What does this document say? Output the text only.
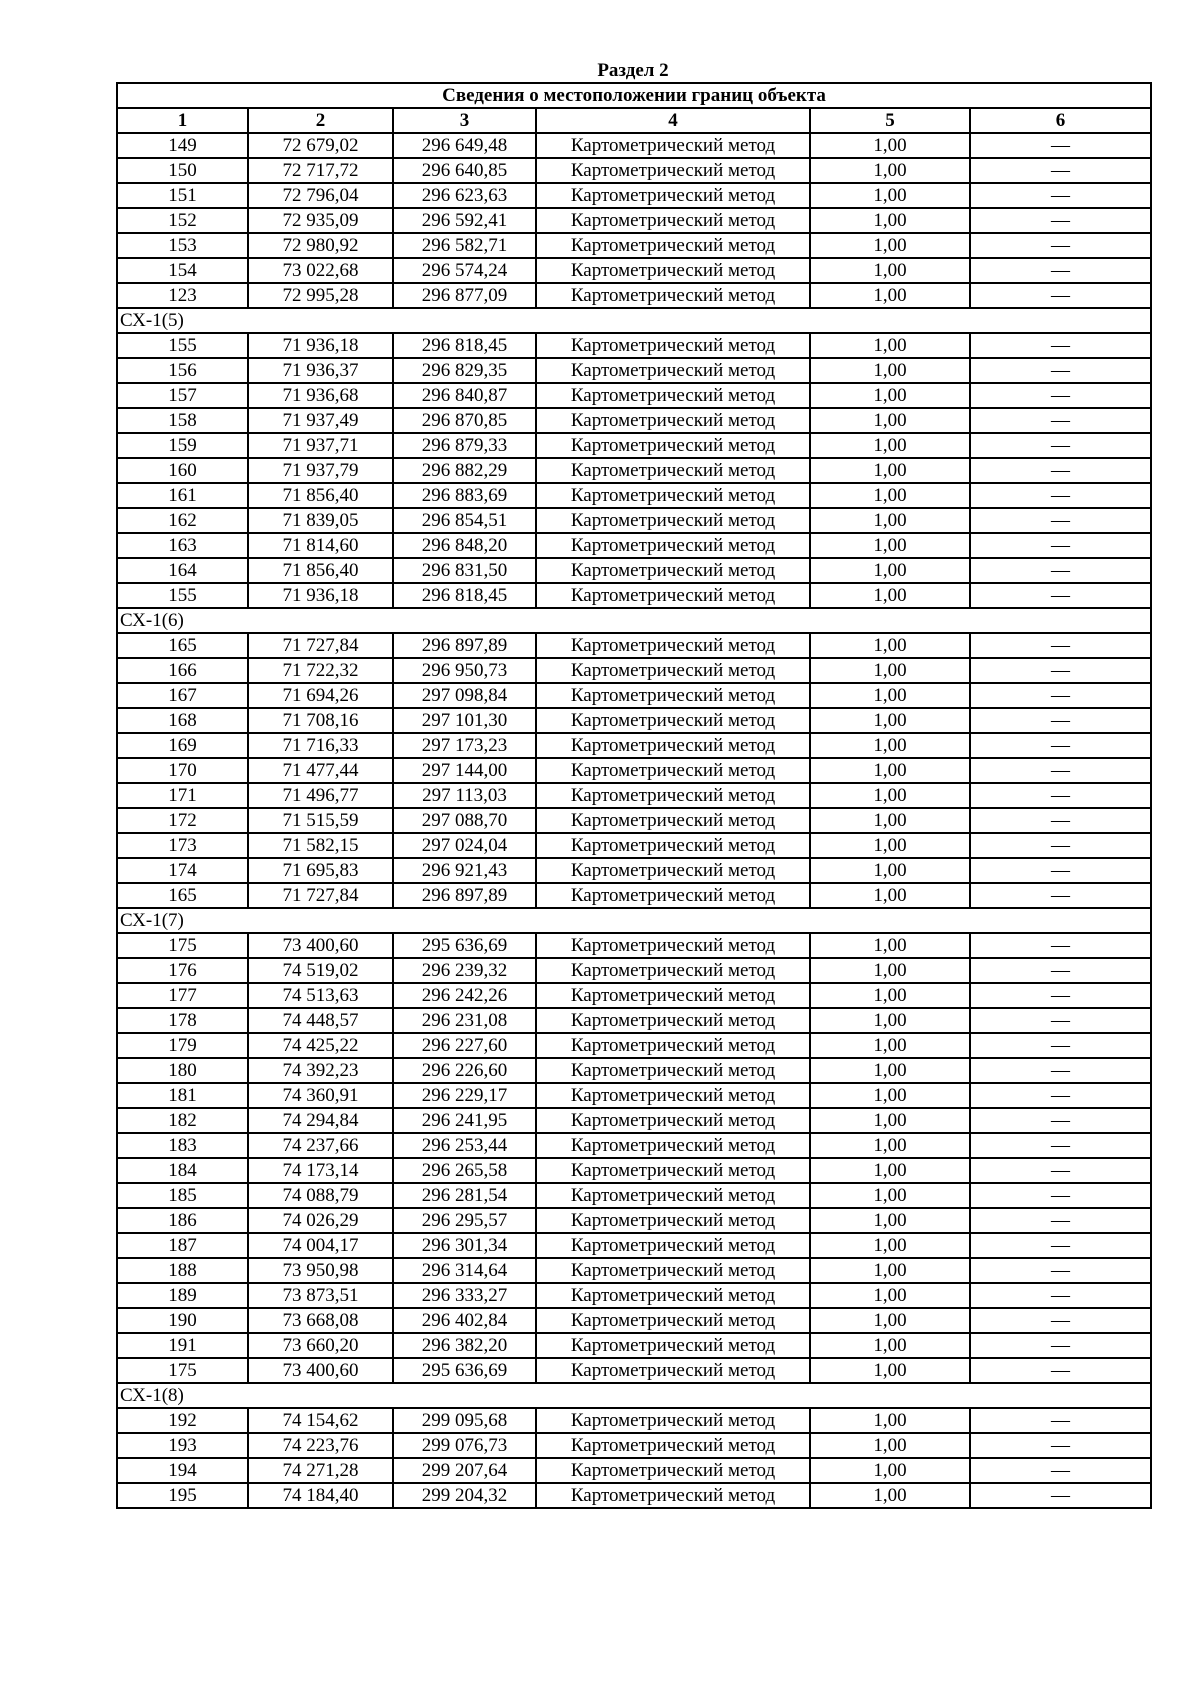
Раздел 2
Сведения о местоположении границ объекта					
1	2	3	4	5	6
149	72 679,02	296 649,48	Картометрический метод	1,00	—
150	72 717,72	296 640,85	Картометрический метод	1,00	—
151	72 796,04	296 623,63	Картометрический метод	1,00	—
152	72 935,09	296 592,41	Картометрический метод	1,00	—
153	72 980,92	296 582,71	Картометрический метод	1,00	—
154	73 022,68	296 574,24	Картометрический метод	1,00	—
123	72 995,28	296 877,09	Картометрический метод	1,00	—
СХ-1(5)					
155	71 936,18	296 818,45	Картометрический метод	1,00	—
156	71 936,37	296 829,35	Картометрический метод	1,00	—
157	71 936,68	296 840,87	Картометрический метод	1,00	—
158	71 937,49	296 870,85	Картометрический метод	1,00	—
159	71 937,71	296 879,33	Картометрический метод	1,00	—
160	71 937,79	296 882,29	Картометрический метод	1,00	—
161	71 856,40	296 883,69	Картометрический метод	1,00	—
162	71 839,05	296 854,51	Картометрический метод	1,00	—
163	71 814,60	296 848,20	Картометрический метод	1,00	—
164	71 856,40	296 831,50	Картометрический метод	1,00	—
155	71 936,18	296 818,45	Картометрический метод	1,00	—
СХ-1(6)					
165	71 727,84	296 897,89	Картометрический метод	1,00	—
166	71 722,32	296 950,73	Картометрический метод	1,00	—
167	71 694,26	297 098,84	Картометрический метод	1,00	—
168	71 708,16	297 101,30	Картометрический метод	1,00	—
169	71 716,33	297 173,23	Картометрический метод	1,00	—
170	71 477,44	297 144,00	Картометрический метод	1,00	—
171	71 496,77	297 113,03	Картометрический метод	1,00	—
172	71 515,59	297 088,70	Картометрический метод	1,00	—
173	71 582,15	297 024,04	Картометрический метод	1,00	—
174	71 695,83	296 921,43	Картометрический метод	1,00	—
165	71 727,84	296 897,89	Картометрический метод	1,00	—
СХ-1(7)					
175	73 400,60	295 636,69	Картометрический метод	1,00	—
176	74 519,02	296 239,32	Картометрический метод	1,00	—
177	74 513,63	296 242,26	Картометрический метод	1,00	—
178	74 448,57	296 231,08	Картометрический метод	1,00	—
179	74 425,22	296 227,60	Картометрический метод	1,00	—
180	74 392,23	296 226,60	Картометрический метод	1,00	—
181	74 360,91	296 229,17	Картометрический метод	1,00	—
182	74 294,84	296 241,95	Картометрический метод	1,00	—
183	74 237,66	296 253,44	Картометрический метод	1,00	—
184	74 173,14	296 265,58	Картометрический метод	1,00	—
185	74 088,79	296 281,54	Картометрический метод	1,00	—
186	74 026,29	296 295,57	Картометрический метод	1,00	—
187	74 004,17	296 301,34	Картометрический метод	1,00	—
188	73 950,98	296 314,64	Картометрический метод	1,00	—
189	73 873,51	296 333,27	Картометрический метод	1,00	—
190	73 668,08	296 402,84	Картометрический метод	1,00	—
191	73 660,20	296 382,20	Картометрический метод	1,00	—
175	73 400,60	295 636,69	Картометрический метод	1,00	—
СХ-1(8)					
192	74 154,62	299 095,68	Картометрический метод	1,00	—
193	74 223,76	299 076,73	Картометрический метод	1,00	—
194	74 271,28	299 207,64	Картометрический метод	1,00	—
195	74 184,40	299 204,32	Картометрический метод	1,00	—
